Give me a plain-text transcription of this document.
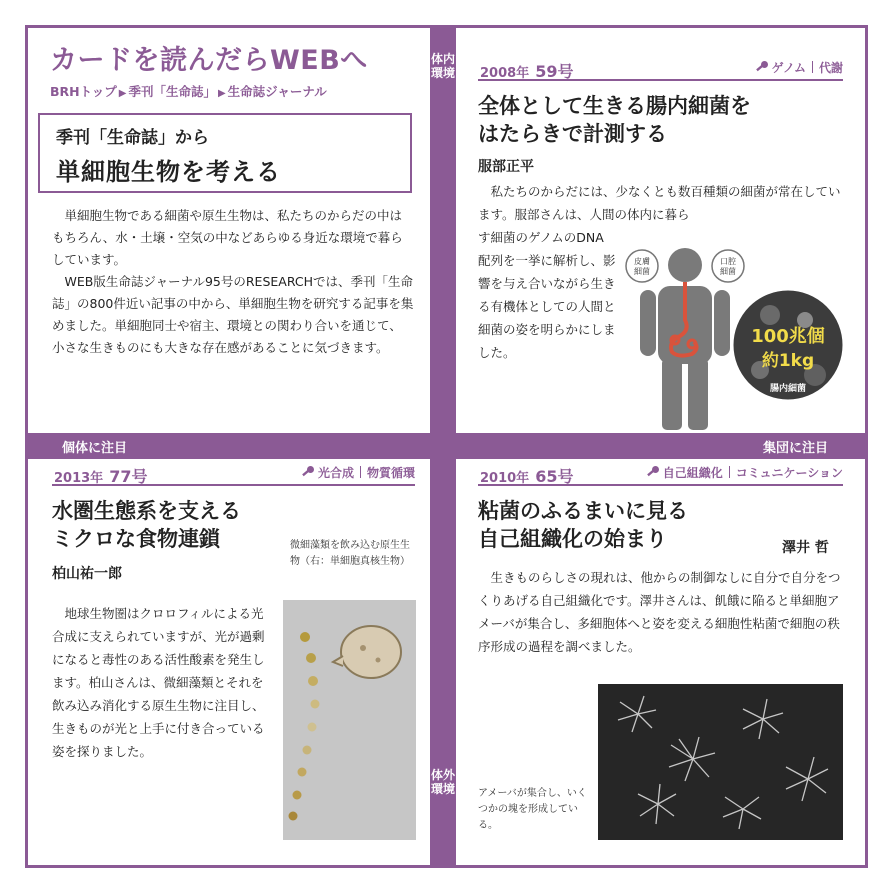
体内環境
体外環境
個体に注目	集団に注目
カードを読んだらWEBへ
BRHトップ ▶ 季刊「生命誌」 ▶ 生命誌ジャーナル
季刊「生命誌」から
単細胞生物を考える

単細胞生物である細菌や原生生物は、私たちのからだの中はもちろん、水・土壌・空気の中などあらゆる身近な環境で暮らしています。

WEB版生命誌ジャーナル95号のRESEARCHでは、季刊「生命誌」の800件近い記事の中から、単細胞生物を研究する記事を集めました。単細胞同士や宿主、環境との関わり合いを通じて、小さな生きものにも大きな存在感があることに気づきます。

2008年 59号	ゲノム 代謝
全体として生きる腸内細菌を
はたらきで計測する
服部正平
私たちのからだには、少なくとも数百種類の細菌が常在しています。服部さんは、人間の体内に暮ら
す細菌のゲノムのDNA配列を一挙に解析し、影響を与え合いながら生きる有機体としての人間と細菌の姿を明らかにしました。
皮膚
細菌
口腔
細菌
100兆個
約1kg
腸内細菌
2013年 77号	光合成 物質循環
水圏生態系を支える
ミクロな食物連鎖
柏山祐一郎
微細藻類を飲み込む原生生物（右：単細胞真核生物）
地球生物圏はクロロフィルによる光合成に支えられていますが、光が過剰になると毒性のある活性酸素を発生します。柏山さんは、微細藻類とそれを飲み込み消化する原生生物に注目し、生きものが光と上手に付き合っている姿を探りました。
2010年 65号	自己組織化 コミュニケーション
粘菌のふるまいに見る
自己組織化の始まり	澤井 哲
生きものらしさの現れは、他からの制御なしに自分で自分をつくりあげる自己組織化です。澤井さんは、飢餓に陥ると単細胞アメーバが集合し、多細胞体へと姿を変える細胞性粘菌で細胞の秩序形成の過程を調べました。
アメーバが集合し、いくつかの塊を形成している。
